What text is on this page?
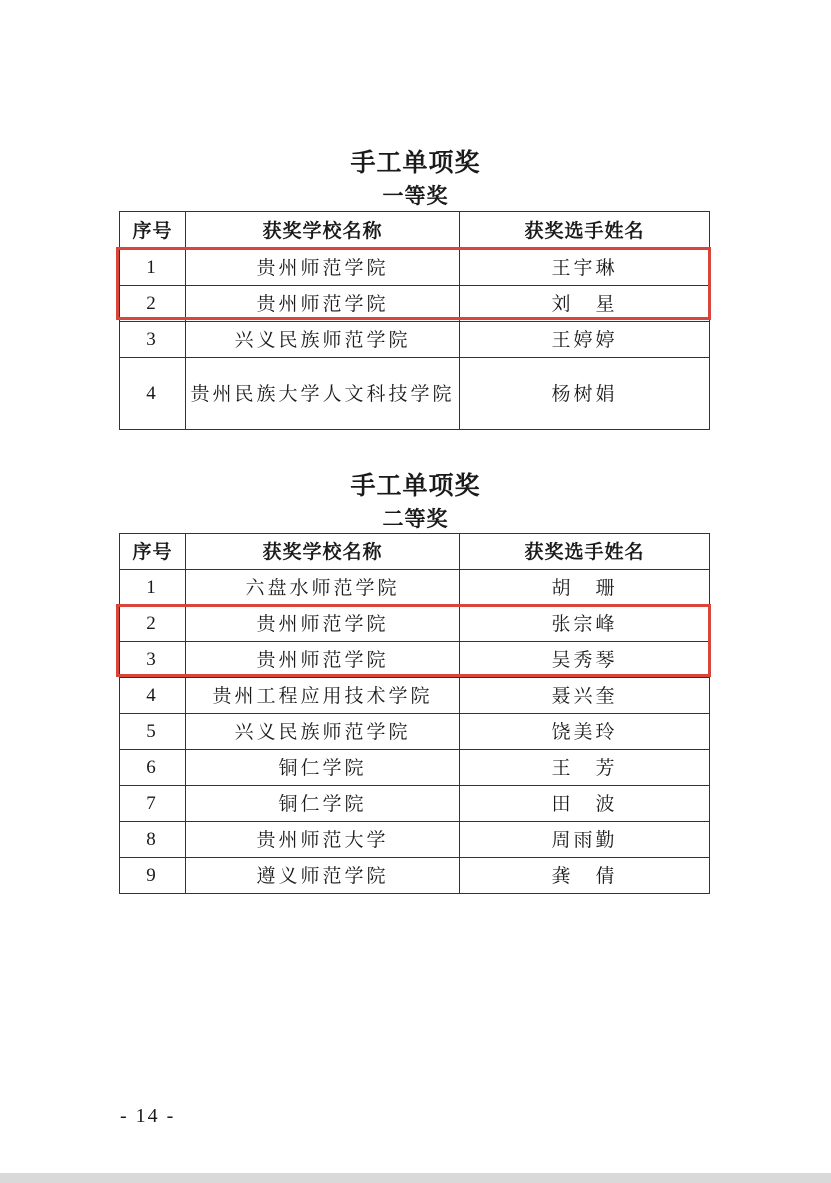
手工单项奖
一等奖
序号	获奖学校名称	获奖选手姓名
1	贵州师范学院	王宇琳
2	贵州师范学院	刘　星
3	兴义民族师范学院	王婷婷
4	贵州民族大学人文科技学院	杨树娟
手工单项奖
二等奖
序号	获奖学校名称	获奖选手姓名
1	六盘水师范学院	胡　珊
2	贵州师范学院	张宗峰
3	贵州师范学院	吴秀琴
4	贵州工程应用技术学院	聂兴奎
5	兴义民族师范学院	饶美玲
6	铜仁学院	王　芳
7	铜仁学院	田　波
8	贵州师范大学	周雨勤
9	遵义师范学院	龚　倩
- 14 -
